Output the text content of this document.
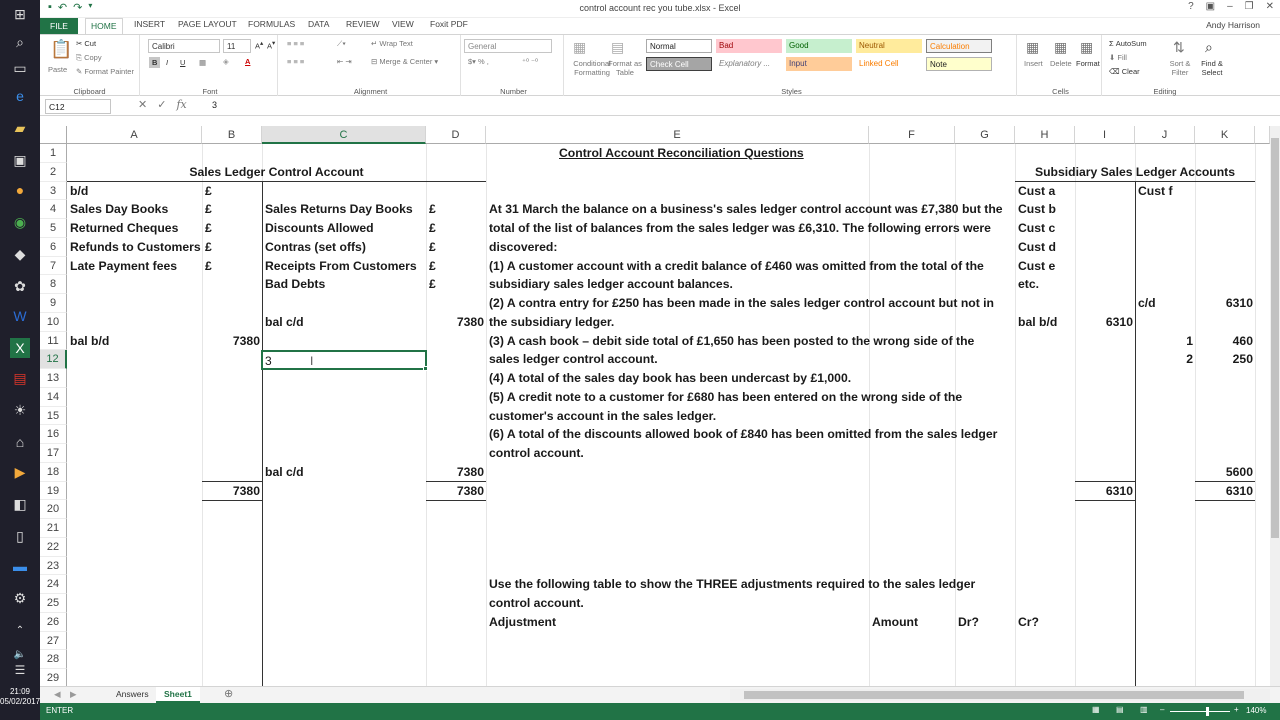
⊞
⌕
▭
e
▰
▣
●
◉
◆
✿
W
X
▤
☀
⌂
▶
◧
▯
▬
⚙
⌃
🔈
21:09
05/02/2017
☰
▪ ↶ ↷ ▾	control account rec you tube.xlsx - Excel	? ▣ – ❐ ✕
FILE	HOME	INSERT PAGE LAYOUT FORMULAS DATA REVIEW VIEW Foxit PDF	Andy Harrison
📋
Paste
✂ Cut
⎘ Copy
✎ Format Painter
Clipboard
Calibri	11	A▴ A▾
B	I U ▦ ◈ A
Font
≡ ≡ ≡	⟋▾	↵ Wrap Text
≡ ≡ ≡	⇤ ⇥	⊟ Merge & Center ▾
Alignment
General
$▾ % ,	⁺⁰ ⁻⁰
Number
▦
Conditional Formatting
▤
Format as Table
Normal	Bad	Good	Neutral	Calculation
Check Cell	Explanatory ...	Input	Linked Cell	Note
Styles
▦
Insert
▦
Delete
▦
Format
Cells
Σ AutoSum
⬇ Fill
⌫ Clear
⇅
Sort & Filter
⌕
Find & Select
Editing
C12	✕ ✓ fx	3
A	B	C	D	E	F	G	H	I	J	K
1
2
3
4
5
6
7
8
9
10
11
12
13
14
15
16
17
18
19
20
21
22
23
24
25
26
27
28
29
Control Account Reconciliation Questions
Sales Ledger Control Account	Subsidiary Sales Ledger Accounts
b/d	£	Cust a	Cust f
Sales Day Books	£	Sales Returns Day Books £	Cust b
Returned Cheques £	Discounts Allowed	£	Cust c
Refunds to Customers £	Contras (set offs)	£	Cust d
Late Payment fees £	Receipts From Customers £	Cust e
Bad Debts	£	etc.
c/d	6310
bal c/d	7380	bal b/d	6310
bal b/d	7380	1	460
3	I	2	250
bal c/d	7380	5600
7380	7380	6310	6310
At 31 March the balance on a business's sales ledger control account was £7,380 but the
total of the list of balances from the sales ledger was £6,310. The following errors were
discovered:
(1) A customer account with a credit balance of £460 was omitted from the total of the
subsidiary sales ledger account balances.
(2) A contra entry for £250 has been made in the sales ledger control account but not in
the subsidiary ledger.
(3) A cash book – debit side total of £1,650 has been posted to the wrong side of the
sales ledger control account.
(4) A total of the sales day book has been undercast by £1,000.
(5) A credit note to a customer for £680 has been entered on the wrong side of the
customer's account in the sales ledger.
(6) A total of the discounts allowed book of £840 has been omitted from the sales ledger
control account.
Use the following table to show the THREE adjustments required to the sales ledger
control account.
Adjustment	Amount	Dr?	Cr?
◀	▶	Answers	Sheet1	⊕
ENTER	▦ ▤ ▥ –	+ 140%
